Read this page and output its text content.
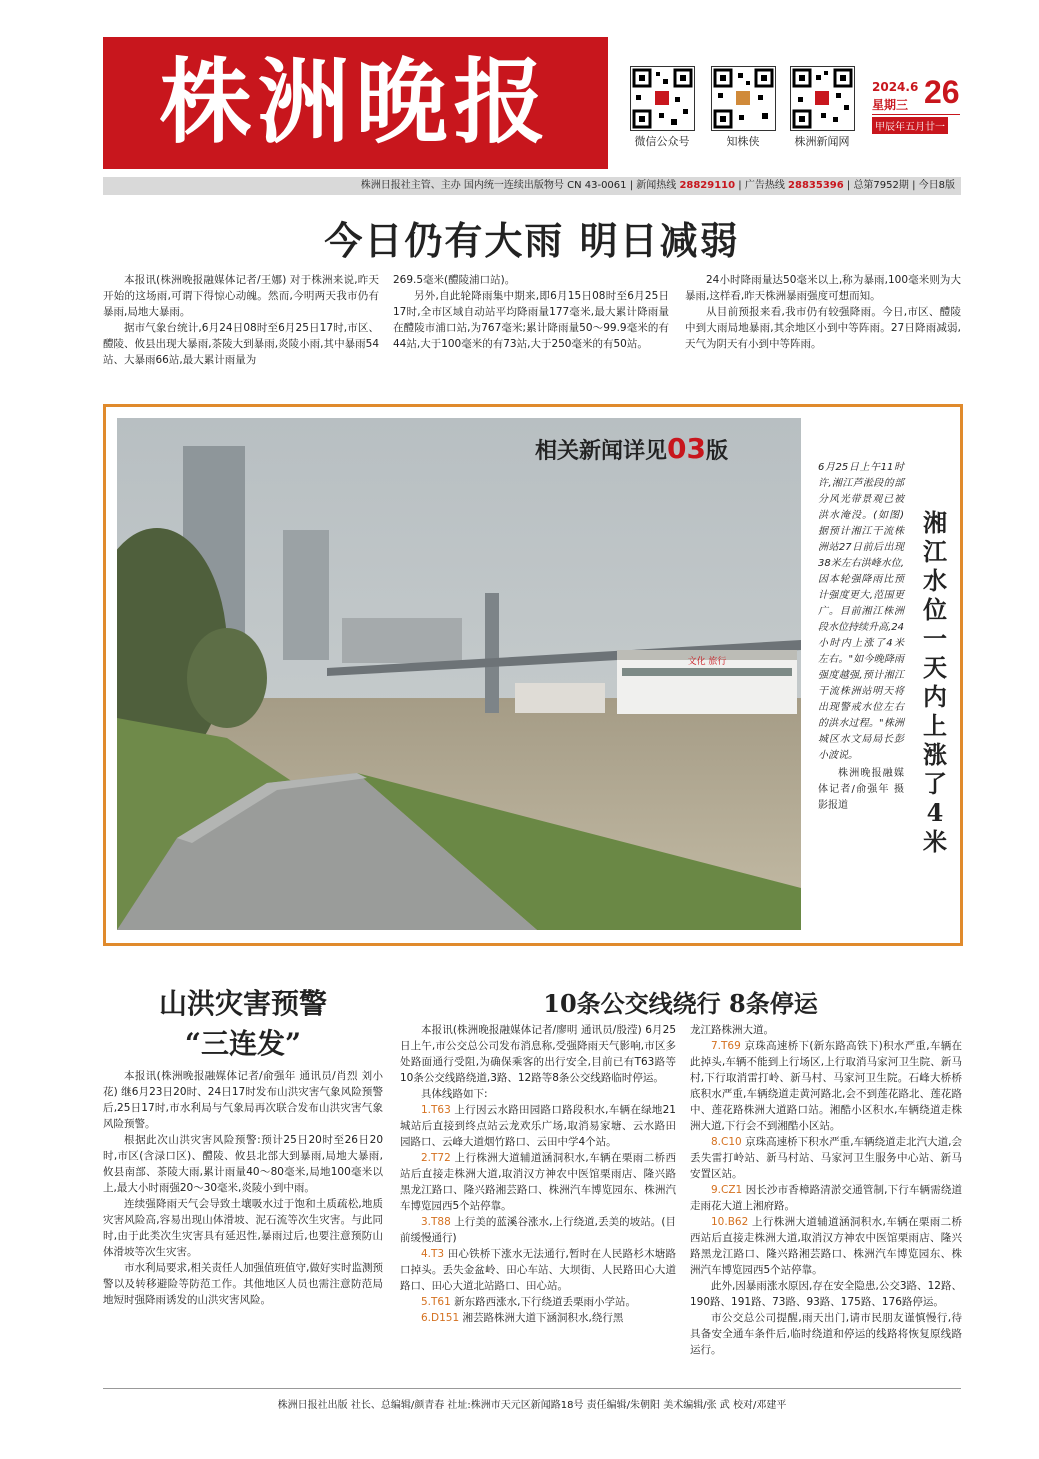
株洲晚报	微信公众号	知株侠	株洲新闻网
2024.6
星期三 26
甲辰年五月廿一
株洲日报社主管、主办 国内统一连续出版物号 CN 43-0061 | 新闻热线 28829110 | 广告热线 28835396 | 总第7952期 | 今日8版
今日仍有大雨 明日减弱

本报讯(株洲晚报融媒体记者/王娜) 对于株洲来说,昨天开始的这场雨,可谓下得惊心动魄。然而,今明两天我市仍有暴雨,局地大暴雨。

据市气象台统计,6月24日08时至6月25日17时,市区、醴陵、攸县出现大暴雨,茶陵大到暴雨,炎陵小雨,其中暴雨54站、大暴雨66站,最大累计雨量为

269.5毫米(醴陵浦口站)。

另外,自此轮降雨集中期来,即6月15日08时至6月25日17时,全市区域自动站平均降雨量177毫米,最大累计降雨量在醴陵市浦口站,为767毫米;累计降雨量50～99.9毫米的有44站,大于100毫米的有73站,大于250毫米的有50站。

24小时降雨量达50毫米以上,称为暴雨,100毫米则为大暴雨,这样看,昨天株洲暴雨强度可想而知。

从目前预报来看,我市仍有较强降雨。今日,市区、醴陵中到大雨局地暴雨,其余地区小到中等阵雨。27日降雨减弱,天气为阴天有小到中等阵雨。

文化 旅行
相关新闻详见03版

6月25日上午11时许,湘江芦淞段的部分风光带景观已被洪水淹没。(如图)据预计湘江干流株洲站27日前后出现38米左右洪峰水位,因本轮强降雨比预计强度更大,范围更广。目前湘江株洲段水位持续升高,24小时内上涨了4米左右。"如今晚降雨强度越强,预计湘江干流株洲站明天将出现警戒水位左右的洪水过程。"株洲城区水文局局长彭小波说。

株洲晚报融媒体记者/俞强年 摄影报道

湘江水位一天内上涨了4米
山洪灾害预警
“三连发”

本报讯(株洲晚报融媒体记者/俞强年 通讯员/肖烈 刘小花) 继6月23日20时、24日17时发布山洪灾害气象风险预警后,25日17时,市水利局与气象局再次联合发布山洪灾害气象风险预警。

根据此次山洪灾害风险预警:预计25日20时至26日20时,市区(含渌口区)、醴陵、攸县北部大到暴雨,局地大暴雨,攸县南部、茶陵大雨,累计雨量40～80毫米,局地100毫米以上,最大小时雨强20～30毫米,炎陵小到中雨。

连续强降雨天气会导致土壤吸水过于饱和土质疏松,地质灾害风险高,容易出现山体滑坡、泥石流等次生灾害。与此同时,由于此类次生灾害具有延迟性,暴雨过后,也要注意预防山体滑坡等次生灾害。

市水利局要求,相关责任人加强值班值守,做好实时监测预警以及转移避险等防范工作。其他地区人员也需注意防范局地短时强降雨诱发的山洪灾害风险。

10条公交线绕行 8条停运

本报讯(株洲晚报融媒体记者/廖明 通讯员/殷滢) 6月25日上午,市公交总公司发布消息称,受强降雨天气影响,市区多处路面通行受阻,为确保乘客的出行安全,目前已有T63路等10条公交线路绕道,3路、12路等8条公交线路临时停运。

具体线路如下:

1.T63 上行因云水路田园路口路段积水,车辆在绿地21城站后直接到终点站云龙欢乐广场,取消易家塘、云水路田园路口、云峰大道烟竹路口、云田中学4个站。

2.T72 上行株洲大道辅道涵洞积水,车辆在栗雨二桥西站后直接走株洲大道,取消汉方神农中医馆栗雨店、隆兴路黑龙江路口、隆兴路湘芸路口、株洲汽车博览园东、株洲汽车博览园西5个站停靠。

3.T88 上行美的蓝溪谷涨水,上行绕道,丢美的坡站。(目前缓慢通行)

4.T3 田心铁桥下涨水无法通行,暂时在人民路杉木塘路口掉头。丢失金盆岭、田心车站、大坝街、人民路田心大道路口、田心大道北站路口、田心站。

5.T61 新东路西涨水,下行绕道丢栗雨小学站。

6.D151 湘芸路株洲大道下涵洞积水,绕行黑

龙江路株洲大道。

7.T69 京珠高速桥下(新东路高铁下)积水严重,车辆在此掉头,车辆不能到上行场区,上行取消马家河卫生院、新马村,下行取消雷打岭、新马村、马家河卫生院。石峰大桥桥底积水严重,车辆绕道走黄河路北,会不到莲花路北、莲花路中、莲花路株洲大道路口站。湘酷小区积水,车辆绕道走株洲大道,下行会不到湘酷小区站。

8.C10 京珠高速桥下积水严重,车辆绕道走北汽大道,会丢失雷打岭站、新马村站、马家河卫生服务中心站、新马安置区站。

9.CZ1 因长沙市香樟路清淤交通管制,下行车辆需绕道走雨花大道上湘府路。

10.B62 上行株洲大道辅道涵洞积水,车辆在栗雨二桥西站后直接走株洲大道,取消汉方神农中医馆栗雨店、隆兴路黑龙江路口、隆兴路湘芸路口、株洲汽车博览园东、株洲汽车博览园西5个站停靠。

此外,因暴雨涨水原因,存在安全隐患,公交3路、12路、190路、191路、73路、93路、175路、176路停运。

市公交总公司提醒,雨天出门,请市民朋友谨慎慢行,待具备安全通车条件后,临时绕道和停运的线路将恢复原线路运行。

株洲日报社出版 社长、总编辑/颜青春 社址:株洲市天元区新闻路18号 责任编辑/朱朝阳 美术编辑/张 武 校对/邓建平
